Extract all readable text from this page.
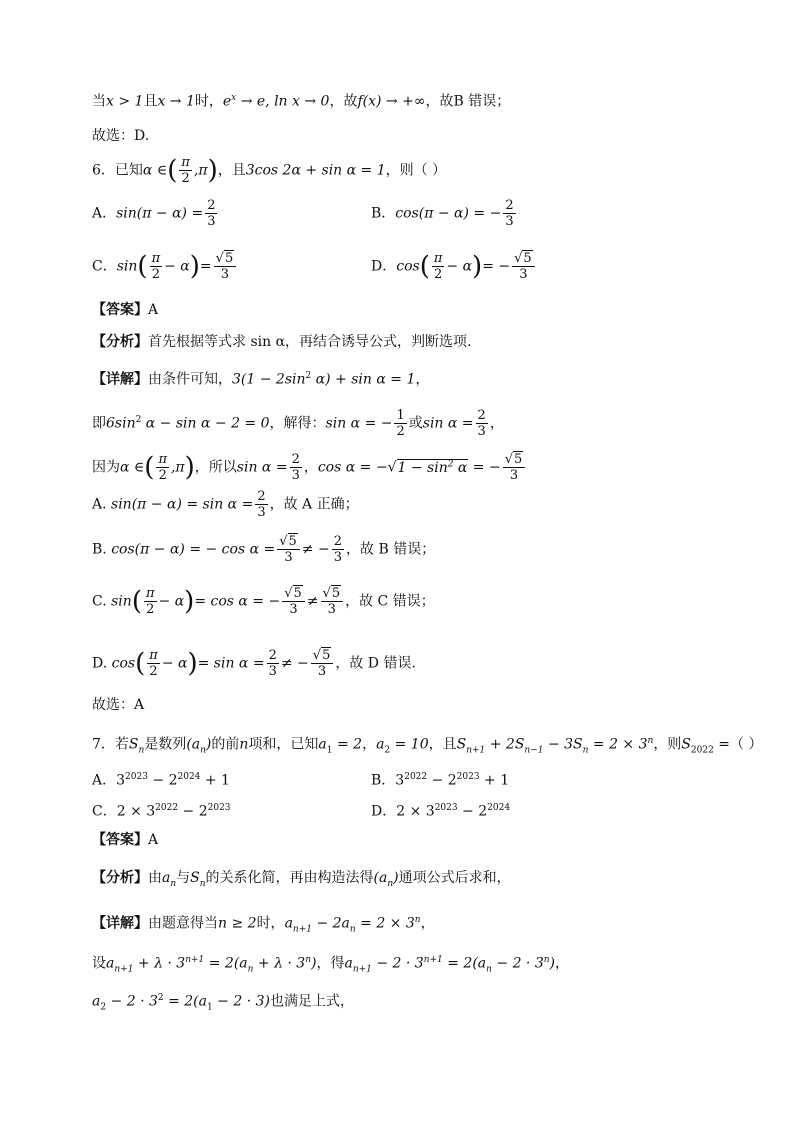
当x > 1且x → 1时，$e^x \to e$, ln x → 0，故f(x) → +∞，故B 错误；
故选：D.
6．已知α ∈( $\frac{\pi}{2} ,\pi$)，且3cos 2α + sin α = 1，则（ ）
A．$\sin(\pi - \alpha) = \frac{2}{3}$	B．cos(π − α) = − $\frac{2}{3}$
C．$\sin( \frac{\pi}{2} - \alpha)= \frac{√5}{3}$	D．$\cos( \frac{\pi}{2} - \alpha)= - \frac{√5}{3}$
【答案】A
【分析】首先根据等式求 sin α，再结合诱导公式，判断选项.
【详解】由条件可知，$3(1 - 2\sin^2$ α) + sin α = 1，
即$6\sin^2$ α − sin α − 2 = 0，解得：sin α = − $\frac{1}{2}$ 或$\sin \alpha = \frac{2}{3}$ ，
因为α ∈( $\frac{\pi}{2} ,\pi$)，所以$\sin \alpha = \frac{2}{3}$ ，$\cos \alpha = -√1 - \sin^2 \alpha$ = − $\frac{√5}{3}$
A. $\sin(\pi - \alpha) = \sin \alpha = \frac{2}{3}$ ，故 A 正确；
B. cos(π − α) = − $\cos \alpha = \frac{√5}{3}$ ≠ − $\frac{2}{3}$ ，故 B 错误；
C. $\sin( \frac{\pi}{2} - \alpha)= \cos \alpha$ = − $\frac{√5}{3} \ne \frac{√5}{3}$ ，故 C 错误；
D. $\cos( \frac{\pi}{2} - \alpha)= \sin \alpha = \frac{2}{3}$ ≠ − $\frac{√5}{3}$ ，故 D 错误.
故选：A
7．若$S_n$是数列$(a_n)$的前n项和，已知$a_1 = 2$，$a_2 = 10$，且$S_{n+1} + 2S_{n-1} - 3S_n = 2 \times 3^n$，则$S_{2022}$ =（ ）
A．$3^{2023} - 2^{2024} + 1$	B．$3^{2022} - 2^{2023} + 1$
C．$2 \times 3^{2022} - 2^{2023}$	D．$2 \times 3^{2023} - 2^{2024}$
【答案】A
【分析】由$a_n$与$S_n$的关系化简，再由构造法得$(a_n)$通项公式后求和，
【详解】由题意得当n ≥ 2时，$a_{n+1} - 2a_n = 2 \times 3^n$，
设$a_{n+1} + \lambda \cdot 3^{n+1} = 2(a_n + \lambda \cdot 3^n)$，得$a_{n+1} - 2 \cdot 3^{n+1} = 2(a_n - 2 \cdot 3^n)$，
$a_2 - 2 \cdot 3^2 = 2(a_1 - 2 \cdot 3)$也满足上式，
